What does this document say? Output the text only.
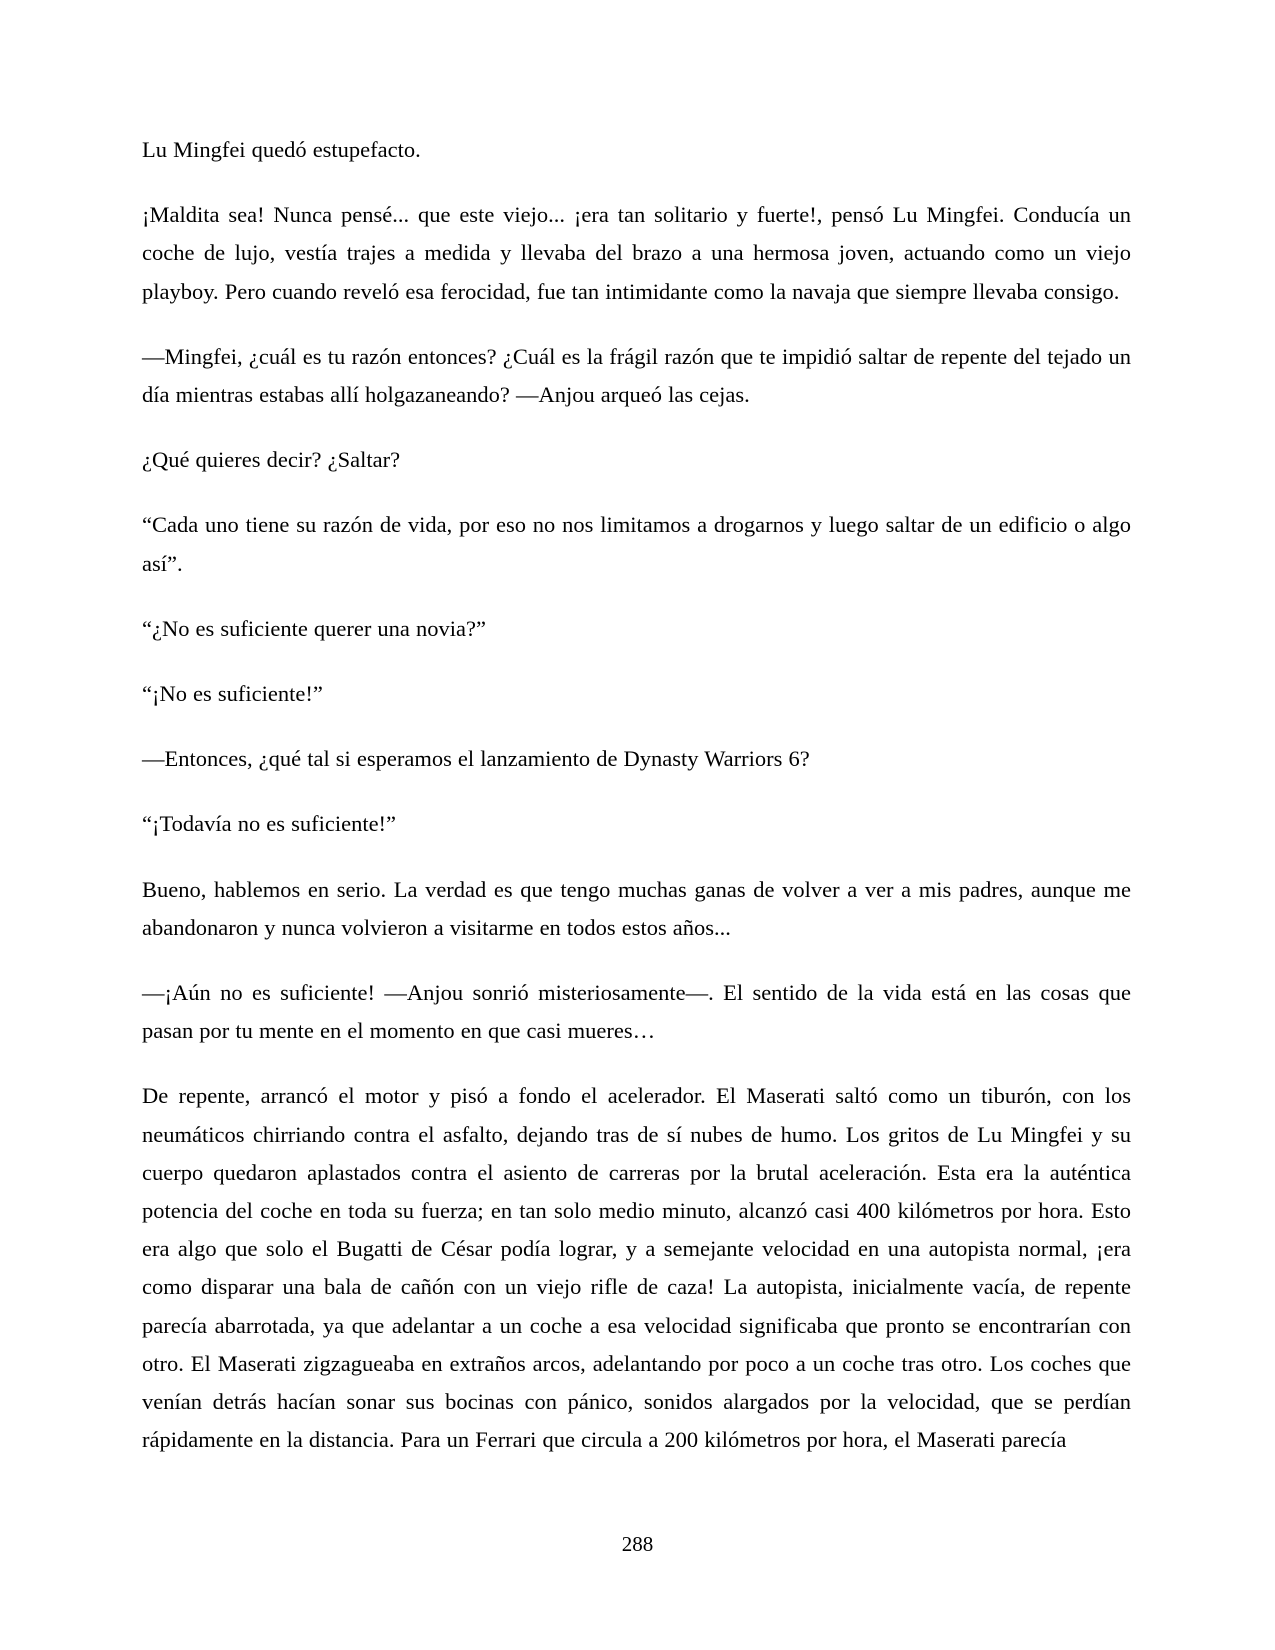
Lu Mingfei quedó estupefacto.

¡Maldita sea! Nunca pensé... que este viejo... ¡era tan solitario y fuerte!, pensó Lu Mingfei. Conducía un coche de lujo, vestía trajes a medida y llevaba del brazo a una hermosa joven, actuando como un viejo playboy. Pero cuando reveló esa ferocidad, fue tan intimidante como la navaja que siempre llevaba consigo.

—Mingfei, ¿cuál es tu razón entonces? ¿Cuál es la frágil razón que te impidió saltar de repente del tejado un día mientras estabas allí holgazaneando? —Anjou arqueó las cejas.

¿Qué quieres decir? ¿Saltar?

“Cada uno tiene su razón de vida, por eso no nos limitamos a drogarnos y luego saltar de un edificio o algo así”.

“¿No es suficiente querer una novia?”

“¡No es suficiente!”

—Entonces, ¿qué tal si esperamos el lanzamiento de Dynasty Warriors 6?

“¡Todavía no es suficiente!”

Bueno, hablemos en serio. La verdad es que tengo muchas ganas de volver a ver a mis padres, aunque me abandonaron y nunca volvieron a visitarme en todos estos años...

—¡Aún no es suficiente! —Anjou sonrió misteriosamente—. El sentido de la vida está en las cosas que pasan por tu mente en el momento en que casi mueres…

De repente, arrancó el motor y pisó a fondo el acelerador. El Maserati saltó como un tiburón, con los neumáticos chirriando contra el asfalto, dejando tras de sí nubes de humo. Los gritos de Lu Mingfei y su cuerpo quedaron aplastados contra el asiento de carreras por la brutal aceleración. Esta era la auténtica potencia del coche en toda su fuerza; en tan solo medio minuto, alcanzó casi 400 kilómetros por hora. Esto era algo que solo el Bugatti de César podía lograr, y a semejante velocidad en una autopista normal, ¡era como disparar una bala de cañón con un viejo rifle de caza! La autopista, inicialmente vacía, de repente parecía abarrotada, ya que adelantar a un coche a esa velocidad significaba que pronto se encontrarían con otro. El Maserati zigzagueaba en extraños arcos, adelantando por poco a un coche tras otro. Los coches que venían detrás hacían sonar sus bocinas con pánico, sonidos alargados por la velocidad, que se perdían rápidamente en la distancia. Para un Ferrari que circula a 200 kilómetros por hora, el Maserati parecía

288
